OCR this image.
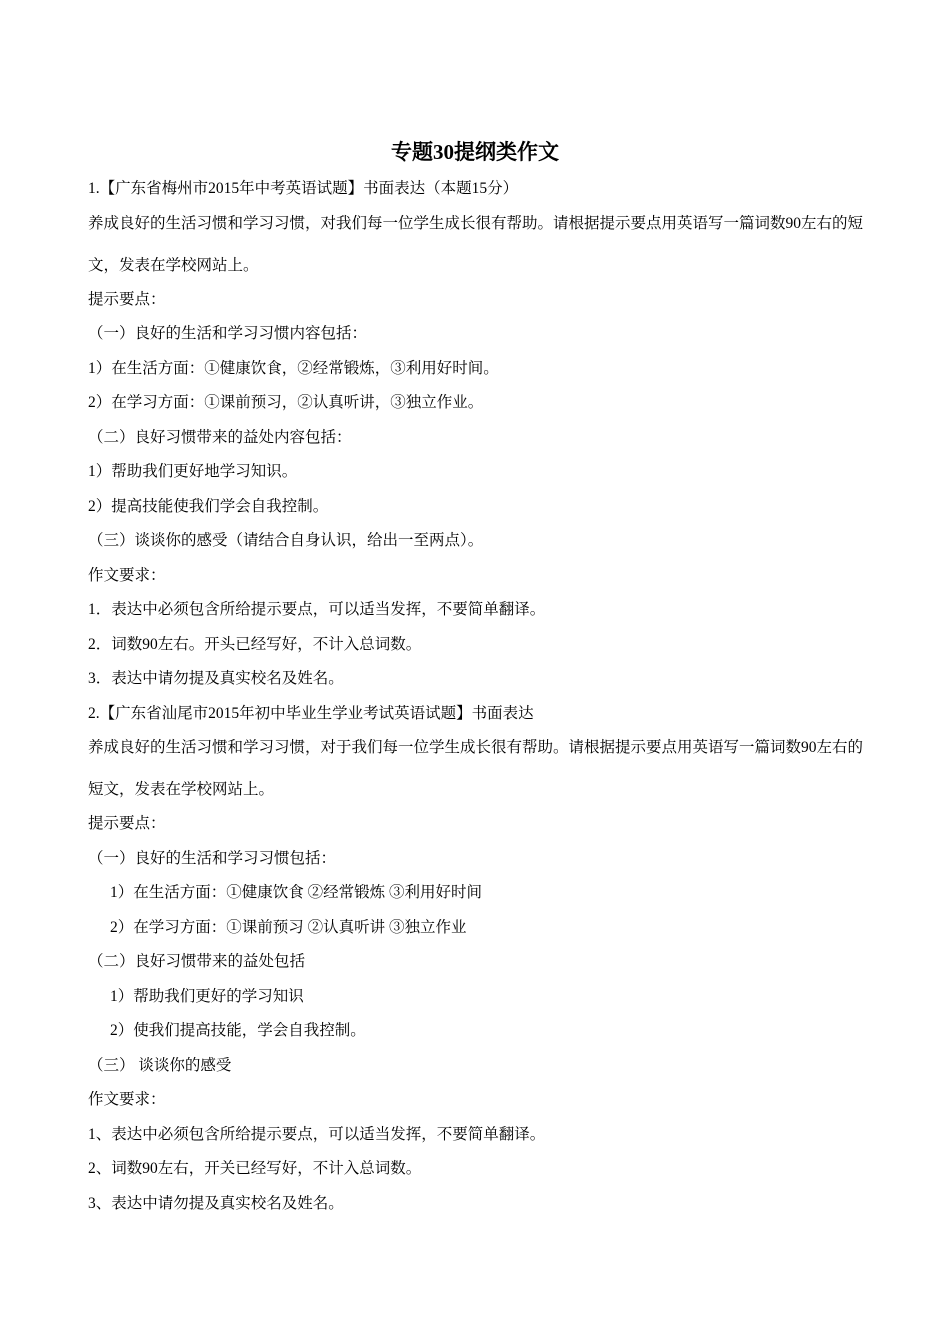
专题30提纲类作文
1.【广东省梅州市2015年中考英语试题】书面表达（本题15分）
养成良好的生活习惯和学习习惯，对我们每一位学生成长很有帮助。请根据提示要点用英语写一篇词数90左右的短文，发表在学校网站上。
提示要点：
（一）良好的生活和学习习惯内容包括：
1）在生活方面：①健康饮食，②经常锻炼，③利用好时间。
2）在学习方面：①课前预习，②认真听讲，③独立作业。
（二）良好习惯带来的益处内容包括：
1）帮助我们更好地学习知识。
2）提高技能使我们学会自我控制。
（三）谈谈你的感受（请结合自身认识，给出一至两点）。
作文要求：
1．表达中必须包含所给提示要点，可以适当发挥，不要简单翻译。
2．词数90左右。开头已经写好，不计入总词数。
3．表达中请勿提及真实校名及姓名。
2.【广东省汕尾市2015年初中毕业生学业考试英语试题】书面表达
养成良好的生活习惯和学习习惯，对于我们每一位学生成长很有帮助。请根据提示要点用英语写一篇词数90左右的短文，发表在学校网站上。
提示要点：
（一）良好的生活和学习习惯包括：
1）在生活方面：①健康饮食 ②经常锻炼 ③利用好时间
2）在学习方面：①课前预习 ②认真听讲 ③独立作业
（二）良好习惯带来的益处包括
1）帮助我们更好的学习知识
2）使我们提高技能，学会自我控制。
（三） 谈谈你的感受
作文要求：
1、表达中必须包含所给提示要点，可以适当发挥，不要简单翻译。
2、词数90左右，开关已经写好，不计入总词数。
3、表达中请勿提及真实校名及姓名。
